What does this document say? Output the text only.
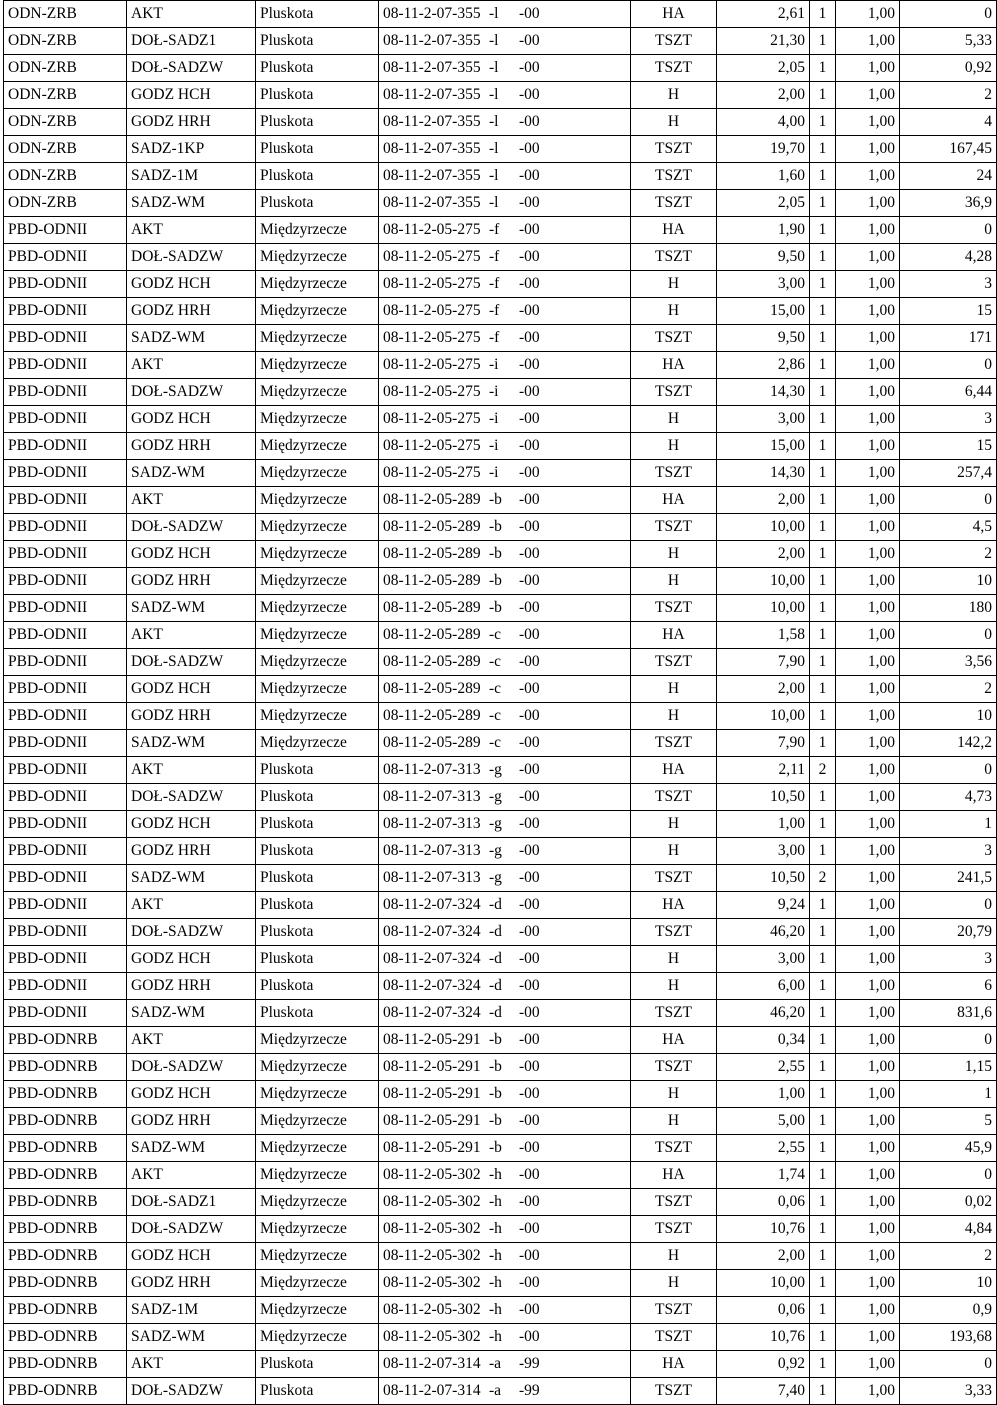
ODN-ZRB	AKT	Pluskota	08-11-2-07-355 -l -00	HA	2,61	1	1,00	0
ODN-ZRB	DOŁ-SADZ1	Pluskota	08-11-2-07-355 -l -00	TSZT	21,30	1	1,00	5,33
ODN-ZRB	DOŁ-SADZW	Pluskota	08-11-2-07-355 -l -00	TSZT	2,05	1	1,00	0,92
ODN-ZRB	GODZ HCH	Pluskota	08-11-2-07-355 -l -00	H	2,00	1	1,00	2
ODN-ZRB	GODZ HRH	Pluskota	08-11-2-07-355 -l -00	H	4,00	1	1,00	4
ODN-ZRB	SADZ-1KP	Pluskota	08-11-2-07-355 -l -00	TSZT	19,70	1	1,00	167,45
ODN-ZRB	SADZ-1M	Pluskota	08-11-2-07-355 -l -00	TSZT	1,60	1	1,00	24
ODN-ZRB	SADZ-WM	Pluskota	08-11-2-07-355 -l -00	TSZT	2,05	1	1,00	36,9
PBD-ODNII	AKT	Międzyrzecze	08-11-2-05-275 -f -00	HA	1,90	1	1,00	0
PBD-ODNII	DOŁ-SADZW	Międzyrzecze	08-11-2-05-275 -f -00	TSZT	9,50	1	1,00	4,28
PBD-ODNII	GODZ HCH	Międzyrzecze	08-11-2-05-275 -f -00	H	3,00	1	1,00	3
PBD-ODNII	GODZ HRH	Międzyrzecze	08-11-2-05-275 -f -00	H	15,00	1	1,00	15
PBD-ODNII	SADZ-WM	Międzyrzecze	08-11-2-05-275 -f -00	TSZT	9,50	1	1,00	171
PBD-ODNII	AKT	Międzyrzecze	08-11-2-05-275 -i -00	HA	2,86	1	1,00	0
PBD-ODNII	DOŁ-SADZW	Międzyrzecze	08-11-2-05-275 -i -00	TSZT	14,30	1	1,00	6,44
PBD-ODNII	GODZ HCH	Międzyrzecze	08-11-2-05-275 -i -00	H	3,00	1	1,00	3
PBD-ODNII	GODZ HRH	Międzyrzecze	08-11-2-05-275 -i -00	H	15,00	1	1,00	15
PBD-ODNII	SADZ-WM	Międzyrzecze	08-11-2-05-275 -i -00	TSZT	14,30	1	1,00	257,4
PBD-ODNII	AKT	Międzyrzecze	08-11-2-05-289 -b -00	HA	2,00	1	1,00	0
PBD-ODNII	DOŁ-SADZW	Międzyrzecze	08-11-2-05-289 -b -00	TSZT	10,00	1	1,00	4,5
PBD-ODNII	GODZ HCH	Międzyrzecze	08-11-2-05-289 -b -00	H	2,00	1	1,00	2
PBD-ODNII	GODZ HRH	Międzyrzecze	08-11-2-05-289 -b -00	H	10,00	1	1,00	10
PBD-ODNII	SADZ-WM	Międzyrzecze	08-11-2-05-289 -b -00	TSZT	10,00	1	1,00	180
PBD-ODNII	AKT	Międzyrzecze	08-11-2-05-289 -c -00	HA	1,58	1	1,00	0
PBD-ODNII	DOŁ-SADZW	Międzyrzecze	08-11-2-05-289 -c -00	TSZT	7,90	1	1,00	3,56
PBD-ODNII	GODZ HCH	Międzyrzecze	08-11-2-05-289 -c -00	H	2,00	1	1,00	2
PBD-ODNII	GODZ HRH	Międzyrzecze	08-11-2-05-289 -c -00	H	10,00	1	1,00	10
PBD-ODNII	SADZ-WM	Międzyrzecze	08-11-2-05-289 -c -00	TSZT	7,90	1	1,00	142,2
PBD-ODNII	AKT	Pluskota	08-11-2-07-313 -g -00	HA	2,11	2	1,00	0
PBD-ODNII	DOŁ-SADZW	Pluskota	08-11-2-07-313 -g -00	TSZT	10,50	1	1,00	4,73
PBD-ODNII	GODZ HCH	Pluskota	08-11-2-07-313 -g -00	H	1,00	1	1,00	1
PBD-ODNII	GODZ HRH	Pluskota	08-11-2-07-313 -g -00	H	3,00	1	1,00	3
PBD-ODNII	SADZ-WM	Pluskota	08-11-2-07-313 -g -00	TSZT	10,50	2	1,00	241,5
PBD-ODNII	AKT	Pluskota	08-11-2-07-324 -d -00	HA	9,24	1	1,00	0
PBD-ODNII	DOŁ-SADZW	Pluskota	08-11-2-07-324 -d -00	TSZT	46,20	1	1,00	20,79
PBD-ODNII	GODZ HCH	Pluskota	08-11-2-07-324 -d -00	H	3,00	1	1,00	3
PBD-ODNII	GODZ HRH	Pluskota	08-11-2-07-324 -d -00	H	6,00	1	1,00	6
PBD-ODNII	SADZ-WM	Pluskota	08-11-2-07-324 -d -00	TSZT	46,20	1	1,00	831,6
PBD-ODNRB	AKT	Międzyrzecze	08-11-2-05-291 -b -00	HA	0,34	1	1,00	0
PBD-ODNRB	DOŁ-SADZW	Międzyrzecze	08-11-2-05-291 -b -00	TSZT	2,55	1	1,00	1,15
PBD-ODNRB	GODZ HCH	Międzyrzecze	08-11-2-05-291 -b -00	H	1,00	1	1,00	1
PBD-ODNRB	GODZ HRH	Międzyrzecze	08-11-2-05-291 -b -00	H	5,00	1	1,00	5
PBD-ODNRB	SADZ-WM	Międzyrzecze	08-11-2-05-291 -b -00	TSZT	2,55	1	1,00	45,9
PBD-ODNRB	AKT	Międzyrzecze	08-11-2-05-302 -h -00	HA	1,74	1	1,00	0
PBD-ODNRB	DOŁ-SADZ1	Międzyrzecze	08-11-2-05-302 -h -00	TSZT	0,06	1	1,00	0,02
PBD-ODNRB	DOŁ-SADZW	Międzyrzecze	08-11-2-05-302 -h -00	TSZT	10,76	1	1,00	4,84
PBD-ODNRB	GODZ HCH	Międzyrzecze	08-11-2-05-302 -h -00	H	2,00	1	1,00	2
PBD-ODNRB	GODZ HRH	Międzyrzecze	08-11-2-05-302 -h -00	H	10,00	1	1,00	10
PBD-ODNRB	SADZ-1M	Międzyrzecze	08-11-2-05-302 -h -00	TSZT	0,06	1	1,00	0,9
PBD-ODNRB	SADZ-WM	Międzyrzecze	08-11-2-05-302 -h -00	TSZT	10,76	1	1,00	193,68
PBD-ODNRB	AKT	Pluskota	08-11-2-07-314 -a -99	HA	0,92	1	1,00	0
PBD-ODNRB	DOŁ-SADZW	Pluskota	08-11-2-07-314 -a -99	TSZT	7,40	1	1,00	3,33
